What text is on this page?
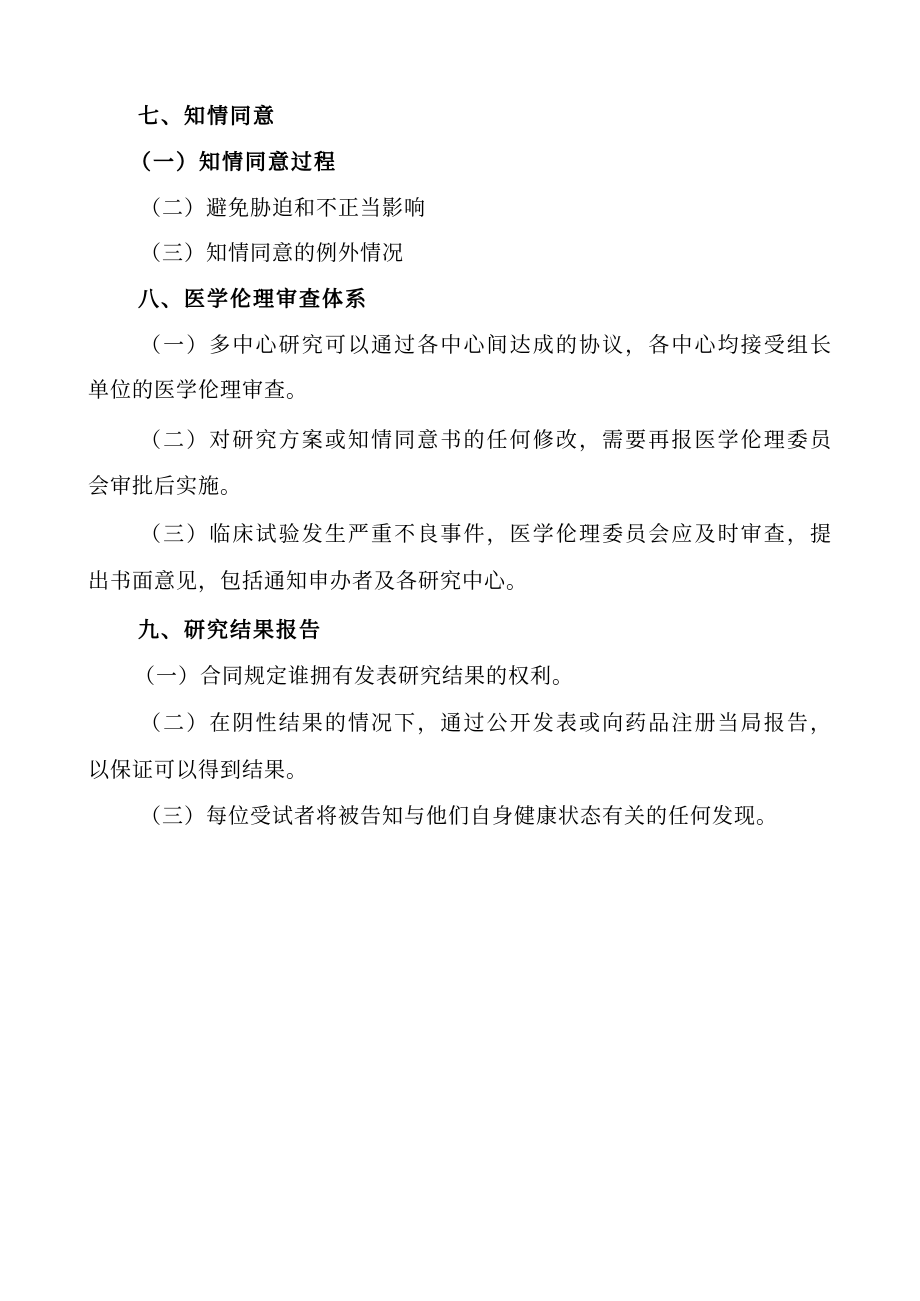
七、知情同意
（一）知情同意过程
（二）避免胁迫和不正当影响
（三）知情同意的例外情况
八、医学伦理审查体系
（一）多中心研究可以通过各中心间达成的协议，各中心均接受组长
单位的医学伦理审查。
（二）对研究方案或知情同意书的任何修改，需要再报医学伦理委员
会审批后实施。
（三）临床试验发生严重不良事件，医学伦理委员会应及时审查，提
出书面意见，包括通知申办者及各研究中心。
九、研究结果报告
（一）合同规定谁拥有发表研究结果的权利。
（二）在阴性结果的情况下，通过公开发表或向药品注册当局报告，
以保证可以得到结果。
（三）每位受试者将被告知与他们自身健康状态有关的任何发现。
